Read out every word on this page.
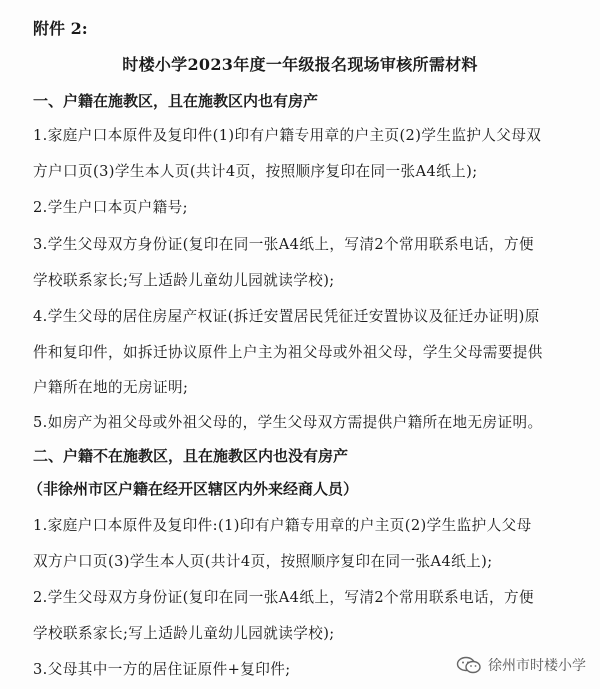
附件 2:
时楼小学2023年度一年级报名现场审核所需材料
一、户籍在施教区，且在施教区内也有房产
1.家庭户口本原件及复印件(1)印有户籍专用章的户主页(2)学生监护人父母双
方户口页(3)学生本人页(共计4页，按照顺序复印在同一张A4纸上);
2.学生户口本页户籍号;
3.学生父母双方身份证(复印在同一张A4纸上，写清2个常用联系电话，方便
学校联系家长;写上适龄儿童幼儿园就读学校);
4.学生父母的居住房屋产权证(拆迁安置居民凭征迁安置协议及征迁办证明)原
件和复印件，如拆迁协议原件上户主为祖父母或外祖父母，学生父母需要提供
户籍所在地的无房证明;
5.如房产为祖父母或外祖父母的，学生父母双方需提供户籍所在地无房证明。
二、户籍不在施教区，且在施教区内也没有房产
（非徐州市区户籍在经开区辖区内外来经商人员）
1.家庭户口本原件及复印件:(1)印有户籍专用章的户主页(2)学生监护人父母
双方户口页(3)学生本人页(共计4页，按照顺序复印在同一张A4纸上);
2.学生父母双方身份证(复印在同一张A4纸上，写清2个常用联系电话，方便
学校联系家长;写上适龄儿童幼儿园就读学校);
3.父母其中一方的居住证原件+复印件;	徐州市时楼小学
